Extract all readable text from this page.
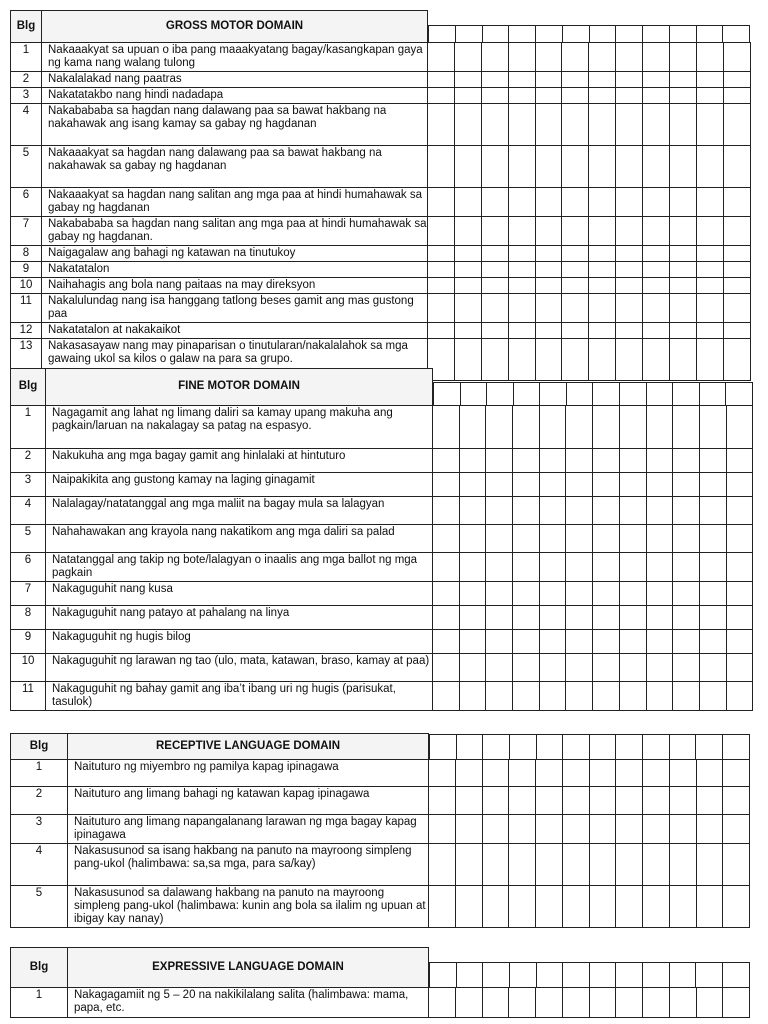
Blg	GROSS MOTOR DOMAIN												

1	Nakaaakyat sa upuan o iba pang maaakyatang bagay/kasangkapan gaya ng kama nang walang tulong												
2	Nakalalakad nang paatras												
3	Nakatatakbo nang hindi nadadapa												
4	Nakabababa sa hagdan nang dalawang paa sa bawat hakbang na nakahawak ang isang kamay sa gabay ng hagdanan												
5	Nakaaakyat sa hagdan nang dalawang paa sa bawat hakbang na nakahawak sa gabay ng hagdanan												
6	Nakaaakyat sa hagdan nang salitan ang mga paa at hindi humahawak sa gabay ng hagdanan												
7	Nakabababa sa hagdan nang salitan ang mga paa at hindi humahawak sa gabay ng hagdanan.												
8	Naigagalaw ang bahagi ng katawan na tinutukoy												
9	Nakatatalon												
10	Naihahagis ang bola nang paitaas na may direksyon												
11	Nakalulundag nang isa hanggang tatlong beses gamit ang mas gustong paa												
12	Nakatatalon at nakakaikot												
13	Nakasasayaw nang may pinaparisan o tinutularan/nakalalahok sa mga gawaing ukol sa kilos o galaw na para sa grupo.												
Blg	FINE MOTOR DOMAIN												

1	Nagagamit ang lahat ng limang daliri sa kamay upang makuha ang pagkain/laruan na nakalagay sa patag na espasyo.												
2	Nakukuha ang mga bagay gamit ang hinlalaki at hintuturo												
3	Naipakikita ang gustong kamay na laging ginagamit												
4	Nalalagay/natatanggal ang mga maliit na bagay mula sa lalagyan												
5	Nahahawakan ang krayola nang nakatikom ang mga daliri sa palad												
6	Natatanggal ang takip ng bote/lalagyan o inaalis ang mga ballot ng mga pagkain												
7	Nakaguguhit nang kusa												
8	Nakaguguhit nang patayo at pahalang na linya												
9	Nakaguguhit ng hugis bilog												
10	Nakaguguhit ng larawan ng tao (ulo, mata, katawan, braso, kamay at paa)												
11	Nakaguguhit ng bahay gamit ang iba’t ibang uri ng hugis (parisukat, tasulok)												
Blg	RECEPTIVE LANGUAGE DOMAIN												

1	Naituturo ng miyembro ng pamilya kapag ipinagawa												
2	Naituturo ang limang bahagi ng katawan kapag ipinagawa												
3	Naituturo ang limang napangalanang larawan ng mga bagay kapag ipinagawa												
4	Nakasusunod sa isang hakbang na panuto na mayroong simpleng pang-ukol (halimbawa: sa,sa mga, para sa/kay)												
5	Nakasusunod sa dalawang hakbang na panuto na mayroong simpleng pang-ukol (halimbawa: kunin ang bola sa ilalim ng upuan at ibigay kay nanay)												
Blg	EXPRESSIVE LANGUAGE DOMAIN												

1	Nakagagamiit ng 5 – 20 na nakikilalang salita (halimbawa: mama, papa, etc.												
